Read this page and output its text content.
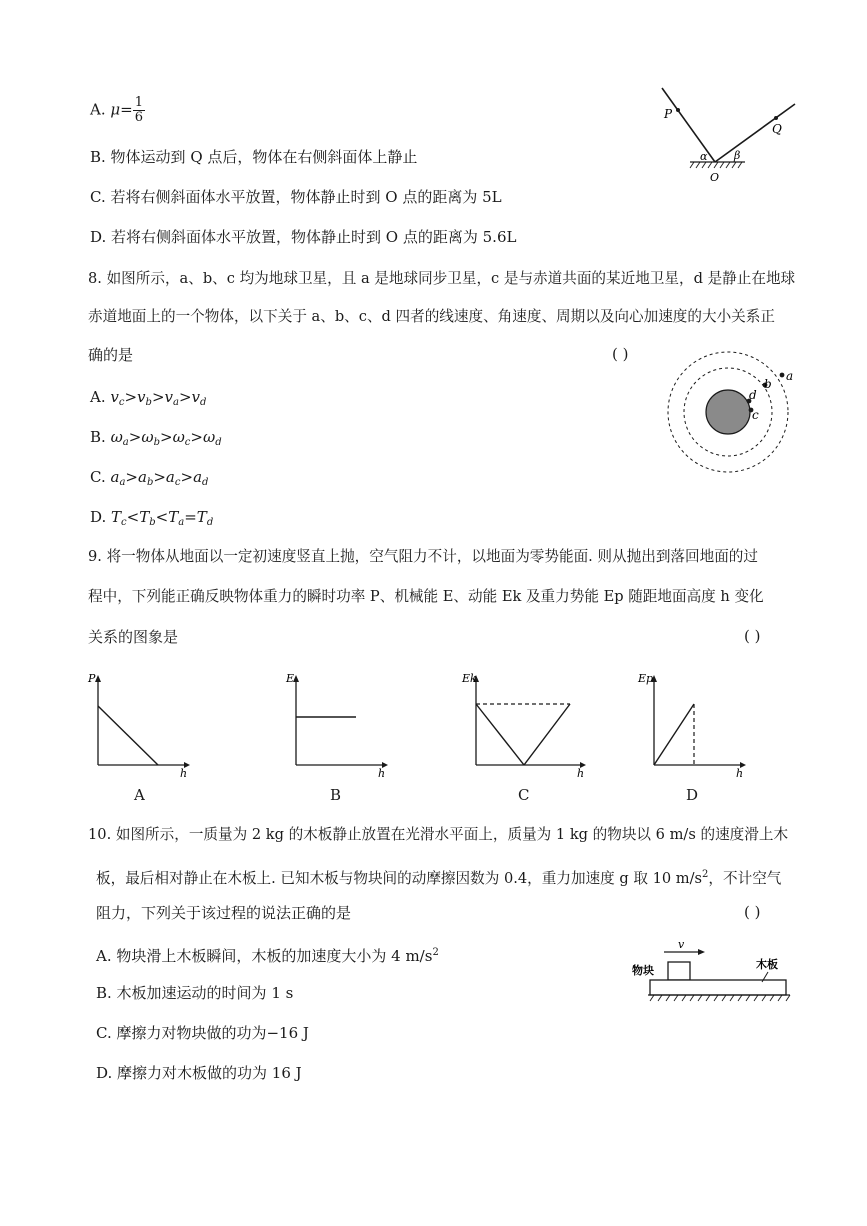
A. $\mu= \frac{1}{6}$
B. 物体运动到 Q 点后，物体在右侧斜面体上静止
C. 若将右侧斜面体水平放置，物体静止时到 O 点的距离为 5L
D. 若将右侧斜面体水平放置，物体静止时到 O 点的距离为 5.6L
P
Q
α β
O
8. 如图所示，a、b、c 均为地球卫星，且 a 是地球同步卫星，c 是与赤道共面的某近地卫星，d 是静止在地球
赤道地面上的一个物体，以下关于 a、b、c、d 四者的线速度、角速度、周期以及向心加速度的大小关系正
确的是	( )
A. $v_c>v_b>v_a>v_d$
B. $\omega_a>\omega_b>\omega_c>\omega_d$
C. $a_a>a_b>a_c>a_d$
D. $T_c<T_b<T_a=T_d$
a
b
d
c
9. 将一物体从地面以一定初速度竖直上抛，空气阻力不计，以地面为零势能面. 则从抛出到落回地面的过
程中，下列能正确反映物体重力的瞬时功率 P、机械能 E、动能 Ek 及重力势能 Ep 随距地面高度 h 变化
关系的图象是	( )
P
h
A
E
h
B
Ek
h
C
Ep
h
D
10. 如图所示，一质量为 2 kg 的木板静止放置在光滑水平面上，质量为 1 kg 的物块以 6 m/s 的速度滑上木
板，最后相对静止在木板上. 已知木板与物块间的动摩擦因数为 0.4，重力加速度 g 取 10 $m/s^2$，不计空气
阻力，下列关于该过程的说法正确的是	( )
A. 物块滑上木板瞬间，木板的加速度大小为 4 $m/s^2$
B. 木板加速运动的时间为 1 s
C. 摩擦力对物块做的功为−16 J
D. 摩擦力对木板做的功为 16 J
v
物块	木板
